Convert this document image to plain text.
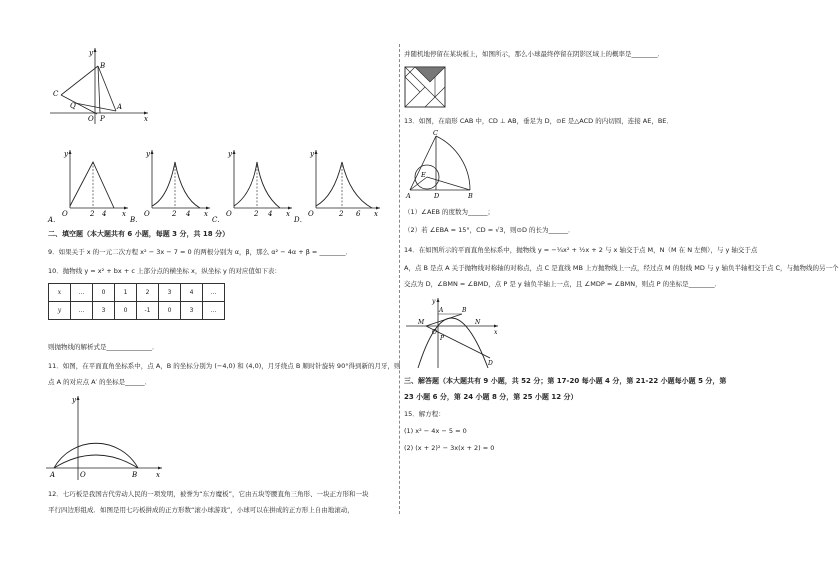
y
B
C
Q	A
O P	x
y
O	2 4 x
A．
y
O	2 4 x
B．
y
O	2 4 x
C．
y
O	2 6 x
D．
二、填空题（本大题共有 6 小题，每题 3 分，共 18 分）
9．如果关于 x 的一元二次方程 x² − 3x − 7 = 0 的两根分别为 α，β，那么 α² − 4α + β = ________．
10．抛物线 y = x² + bx + c 上部分点的横坐标 x，纵坐标 y 的对应值如下表：
x	…	0	1	2	3	4	…
y	…	3	0	-1	0	3	…
则抛物线的解析式是______________．
11．如图，在平面直角坐标系中，点 A，B 的坐标分别为 (−4,0) 和 (4,0)，月牙绕点 B 顺时针旋转 90°得到新的月牙，则
点 A 的对应点 A′ 的坐标是______．
y
A	O	B	x
12．七巧板是我国古代劳动人民的一项发明，被誉为“东方魔板”，它由五块等腰直角三角形、一块正方形和一块
平行四边形组成．如图是用七巧板拼成的正方形数“滚小球游戏”，小球可以在拼成的正方形上自由地滚动，
并随机地停留在某块板上，如图所示，那么小球最终停留在阴影区域上的概率是________．
13．如图，在扇形 CAB 中，CD ⊥ AB，垂足为 D，⊙E 是△ACD 的内切圆，连接 AE，BE．
C
E
A	D	B
（1）∠AEB 的度数为______；
（2）若 ∠EBA = 15°，CD = √3，则⊙D 的长为______．
14．在如图所示的平面直角坐标系中，抛物线 y = −¼x² + ½x + 2 与 x 轴交于点 M，N（M 在 N 左侧），与 y 轴交于点
A，点 B 是点 A 关于抛物线对称轴的对称点，点 C 是直线 MB 上方抛物线上一点，经过点 M 的射线 MD 与 y 轴负半轴相交于点 C，与抛物线的另一个
交点为 D，∠BMN = ∠BMD，点 P 是 y 轴负半轴上一点，且 ∠MDP = ∠BMN，则点 P 的坐标是________．
y
A	B
M
O
N
x
D
P
三、解答题（本大题共有 9 小题，共 52 分；第 17-20 每小题 4 分，第 21-22 小题每小题 5 分，第
23 小题 6 分，第 24 小题 8 分，第 25 小题 12 分）
15．解方程：
(1) x² − 4x − 5 = 0
(2) (x + 2)² − 3x(x + 2) = 0
